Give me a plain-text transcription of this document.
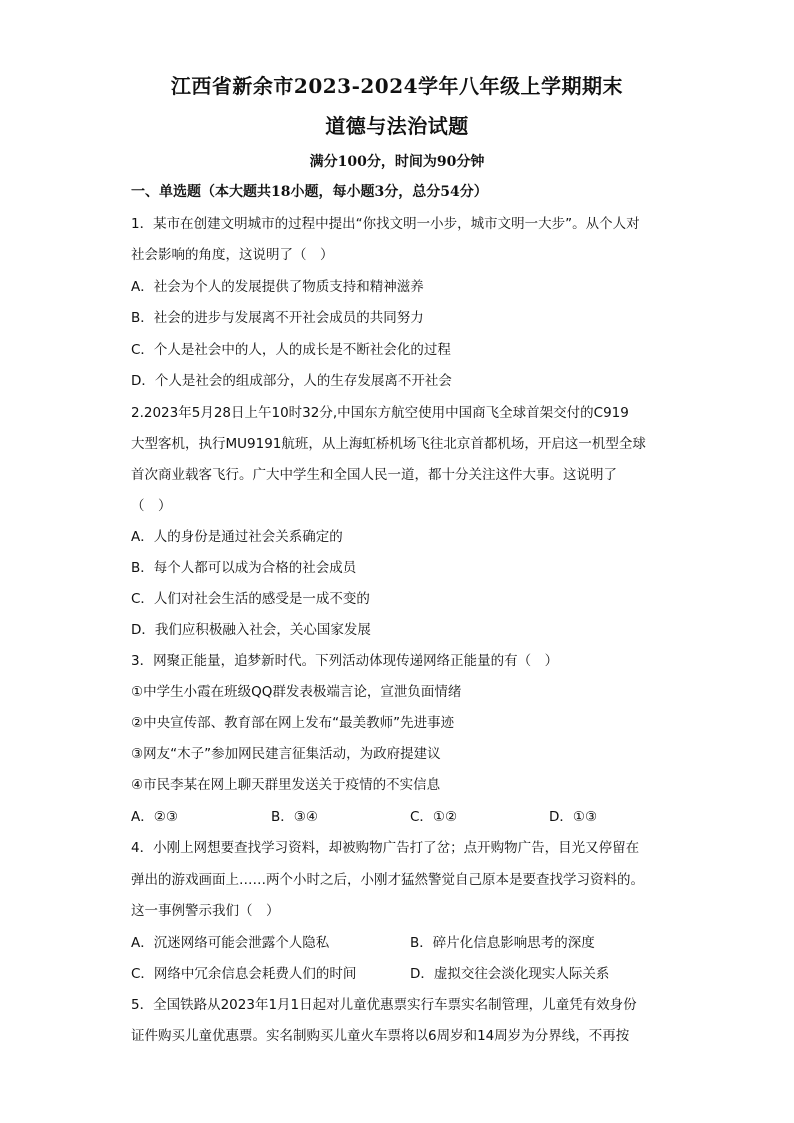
江西省新余市2023-2024学年八年级上学期期末
道德与法治试题
满分100分，时间为90分钟
一、单选题（本大题共18小题，每小题3分，总分54分）
1．某市在创建文明城市的过程中提出“你找文明一小步，城市文明一大步”。从个人对
社会影响的角度，这说明了（　）
A．社会为个人的发展提供了物质支持和精神滋养
B．社会的进步与发展离不开社会成员的共同努力
C．个人是社会中的人，人的成长是不断社会化的过程
D．个人是社会的组成部分，人的生存发展离不开社会
2.2023年5月28日上午10时32分,中国东方航空使用中国商飞全球首架交付的C919
大型客机，执行MU9191航班，从上海虹桥机场飞往北京首都机场，开启这一机型全球
首次商业载客飞行。广大中学生和全国人民一道，都十分关注这件大事。这说明了
（　）
A．人的身份是通过社会关系确定的
B．每个人都可以成为合格的社会成员
C．人们对社会生活的感受是一成不变的
D．我们应积极融入社会，关心国家发展
3．网聚正能量，追梦新时代。下列活动体现传递网络正能量的有（　）
①中学生小霞在班级QQ群发表极端言论，宣泄负面情绪
②中央宣传部、教育部在网上发布“最美教师”先进事迹
③网友“木子”参加网民建言征集活动，为政府提建议
④市民李某在网上聊天群里发送关于疫情的不实信息
A．②③	B．③④	C．①②	D．①③
4．小刚上网想要查找学习资料，却被购物广告打了岔；点开购物广告，目光又停留在
弹出的游戏画面上……两个小时之后，小刚才猛然警觉自己原本是要查找学习资料的。
这一事例警示我们（　）
A．沉迷网络可能会泄露个人隐私	B．碎片化信息影响思考的深度
C．网络中冗余信息会耗费人们的时间	D．虚拟交往会淡化现实人际关系
5．全国铁路从2023年1月1日起对儿童优惠票实行车票实名制管理，儿童凭有效身份
证件购买儿童优惠票。实名制购买儿童火车票将以6周岁和14周岁为分界线，不再按
